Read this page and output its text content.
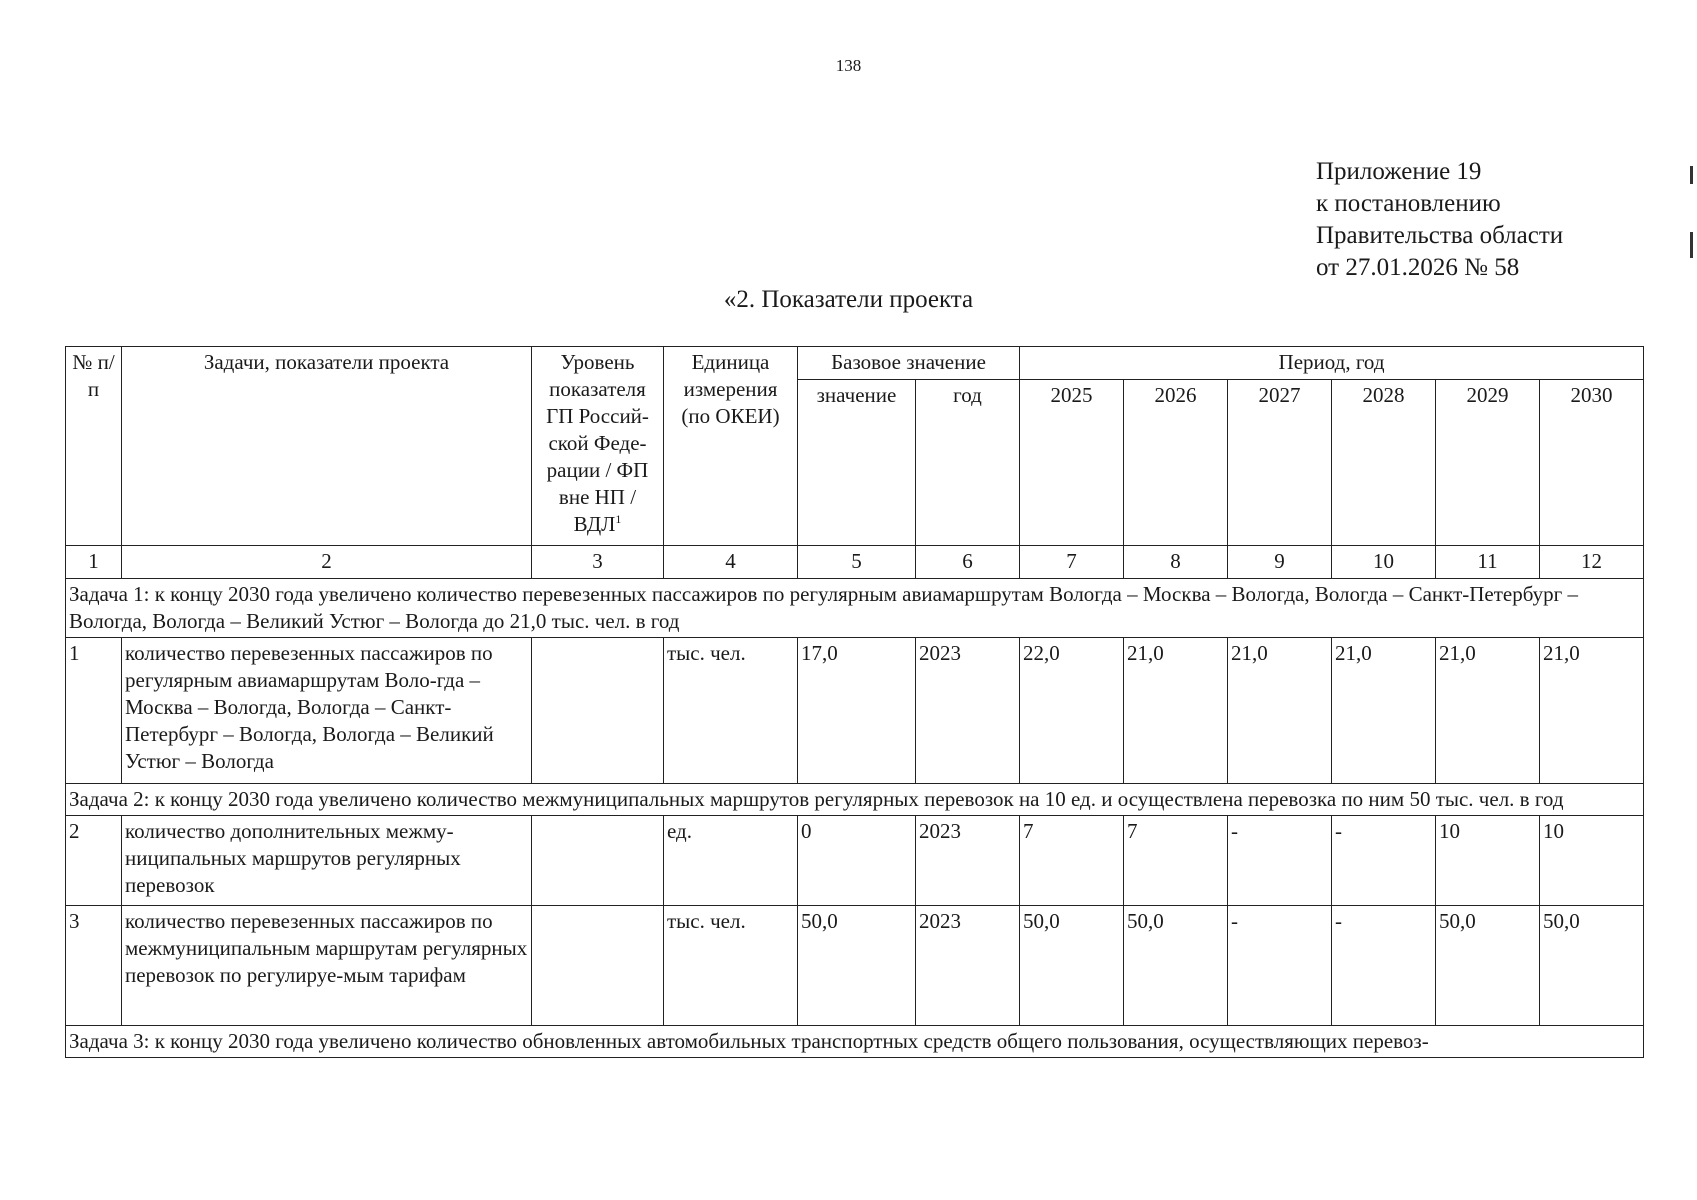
138
Приложение 19
к постановлению
Правительства области
от 27.01.2026 № 58
«2. Показатели проекта
№ п/п	Задачи, показатели проекта	Уровень показателя ГП Россий-ской Феде-рации / ФП вне НП / ВДЛ$^1$	Единица измерения (по ОКЕИ)	Базовое значение		Период, год					
				значение	год	2025	2026	2027	2028	2029	2030
1	2	3	4	5	6	7	8	9	10	11	12
Задача 1: к концу 2030 года увеличено количество перевезенных пассажиров по регулярным авиамаршрутам Вологда – Москва – Вологда, Вологда – Санкт-Петербург – Вологда, Вологда – Великий Устюг – Вологда до 21,0 тыс. чел. в год											
1	количество перевезенных пассажиров по регулярным авиамаршрутам Воло-гда – Москва – Вологда, Вологда – Санкт-Петербург – Вологда, Вологда – Великий Устюг – Вологда		тыс. чел.	17,0	2023	22,0	21,0	21,0	21,0	21,0	21,0
Задача 2: к концу 2030 года увеличено количество межмуниципальных маршрутов регулярных перевозок на 10 ед. и осуществлена перевозка по ним 50 тыс. чел. в год											
2	количество дополнительных межму-ниципальных маршрутов регулярных перевозок		ед.	0	2023	7	7	-	-	10	10
3	количество перевезенных пассажиров по межмуниципальным маршрутам регулярных перевозок по регулируе-мым тарифам		тыс. чел.	50,0	2023	50,0	50,0	-	-	50,0	50,0
Задача 3: к концу 2030 года увеличено количество обновленных автомобильных транспортных средств общего пользования, осуществляющих перевоз-											
